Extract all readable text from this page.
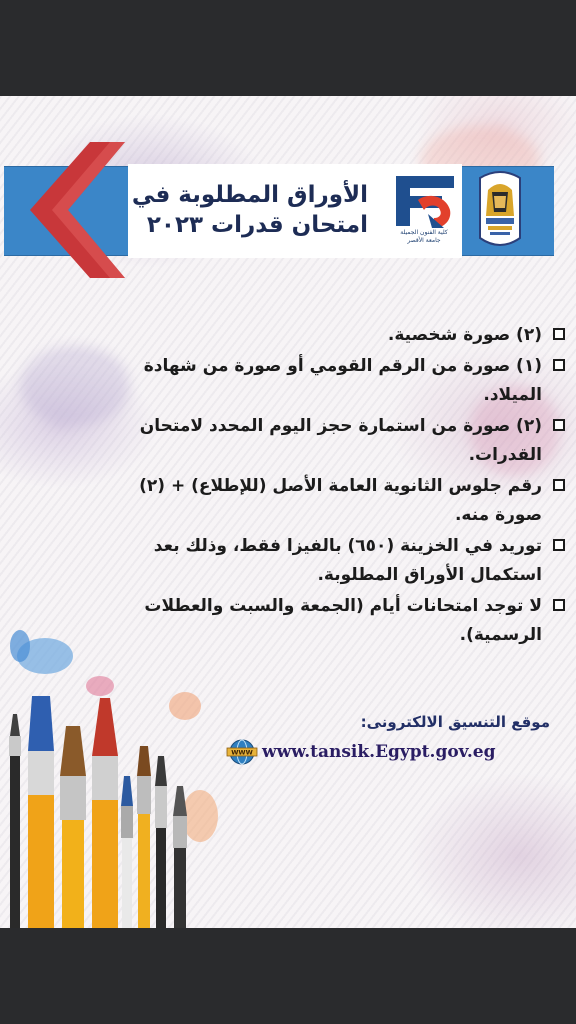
الأوراق المطلوبة في
امتحان قدرات ٢٠٢٣	كلية الفنون الجميلة
جامعة الأقصر
(٢) صورة شخصية.
(١) صورة من الرقم القومي أو صورة من شهادة الميلاد.
(٢) صورة من استمارة حجز اليوم المحدد لامتحان القدرات.
رقم جلوس الثانوية العامة الأصل (للإطلاع) + (٢) صورة منه.
توريد في الخزينة (٦٥٠) بالفيزا فقط، وذلك بعد استكمال الأوراق المطلوبة.
لا توجد امتحانات أيام (الجمعة والسبت والعطلات الرسمية).
موقع التنسيق الالكترونى:
WWW www.tansik.Egypt.gov.eg
